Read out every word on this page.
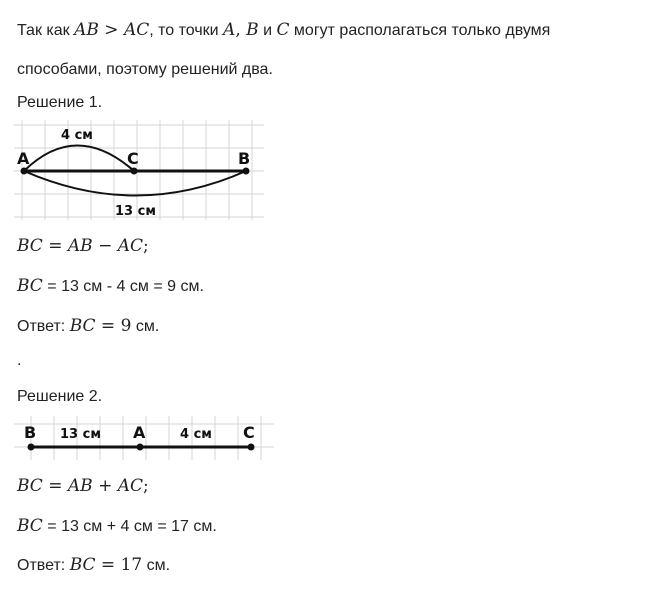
Так как AB > AC, то точки A, B и C могут располагаться только двумя
способами, поэтому решений два.
Решение 1.
A	C	B
4 см
13 см
BC = AB − AC;
BC = 13 см - 4 см = 9 см.
Ответ: BC = 9 см.
.
Решение 2.
B	A	C
13 см	4 см
BC = AB + AC;
BC = 13 см + 4 см = 17 см.
Ответ: BC = 17 см.
